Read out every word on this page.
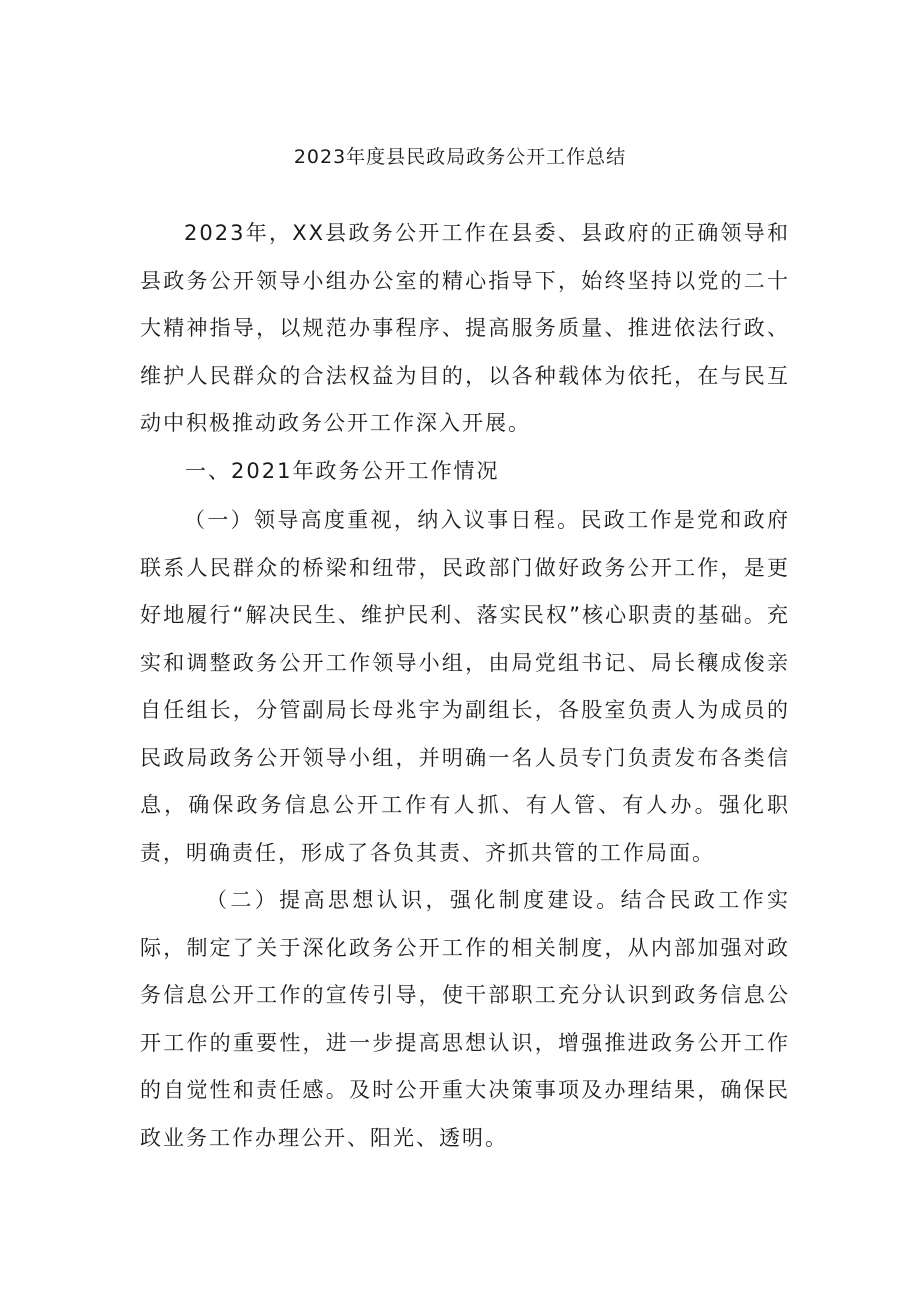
2023年度县民政局政务公开工作总结

2023年，XX县政务公开工作在县委、县政府的正确领导和县政务公开领导小组办公室的精心指导下，始终坚持以党的二十大精神指导，以规范办事程序、提高服务质量、推进依法行政、维护人民群众的合法权益为目的，以各种载体为依托，在与民互动中积极推动政务公开工作深入开展。

一、2021年政务公开工作情况

（一）领导高度重视，纳入议事日程。民政工作是党和政府联系人民群众的桥梁和纽带，民政部门做好政务公开工作，是更好地履行“解决民生、维护民利、落实民权”核心职责的基础。充实和调整政务公开工作领导小组，由局党组书记、局长穰成俊亲自任组长，分管副局长母兆宇为副组长，各股室负责人为成员的民政局政务公开领导小组，并明确一名人员专门负责发布各类信息，确保政务信息公开工作有人抓、有人管、有人办。强化职责，明确责任，形成了各负其责、齐抓共管的工作局面。

（二）提高思想认识，强化制度建设。结合民政工作实际，制定了关于深化政务公开工作的相关制度，从内部加强对政务信息公开工作的宣传引导，使干部职工充分认识到政务信息公开工作的重要性，进一步提高思想认识，增强推进政务公开工作的自觉性和责任感。及时公开重大决策事项及办理结果，确保民政业务工作办理公开、阳光、透明。
